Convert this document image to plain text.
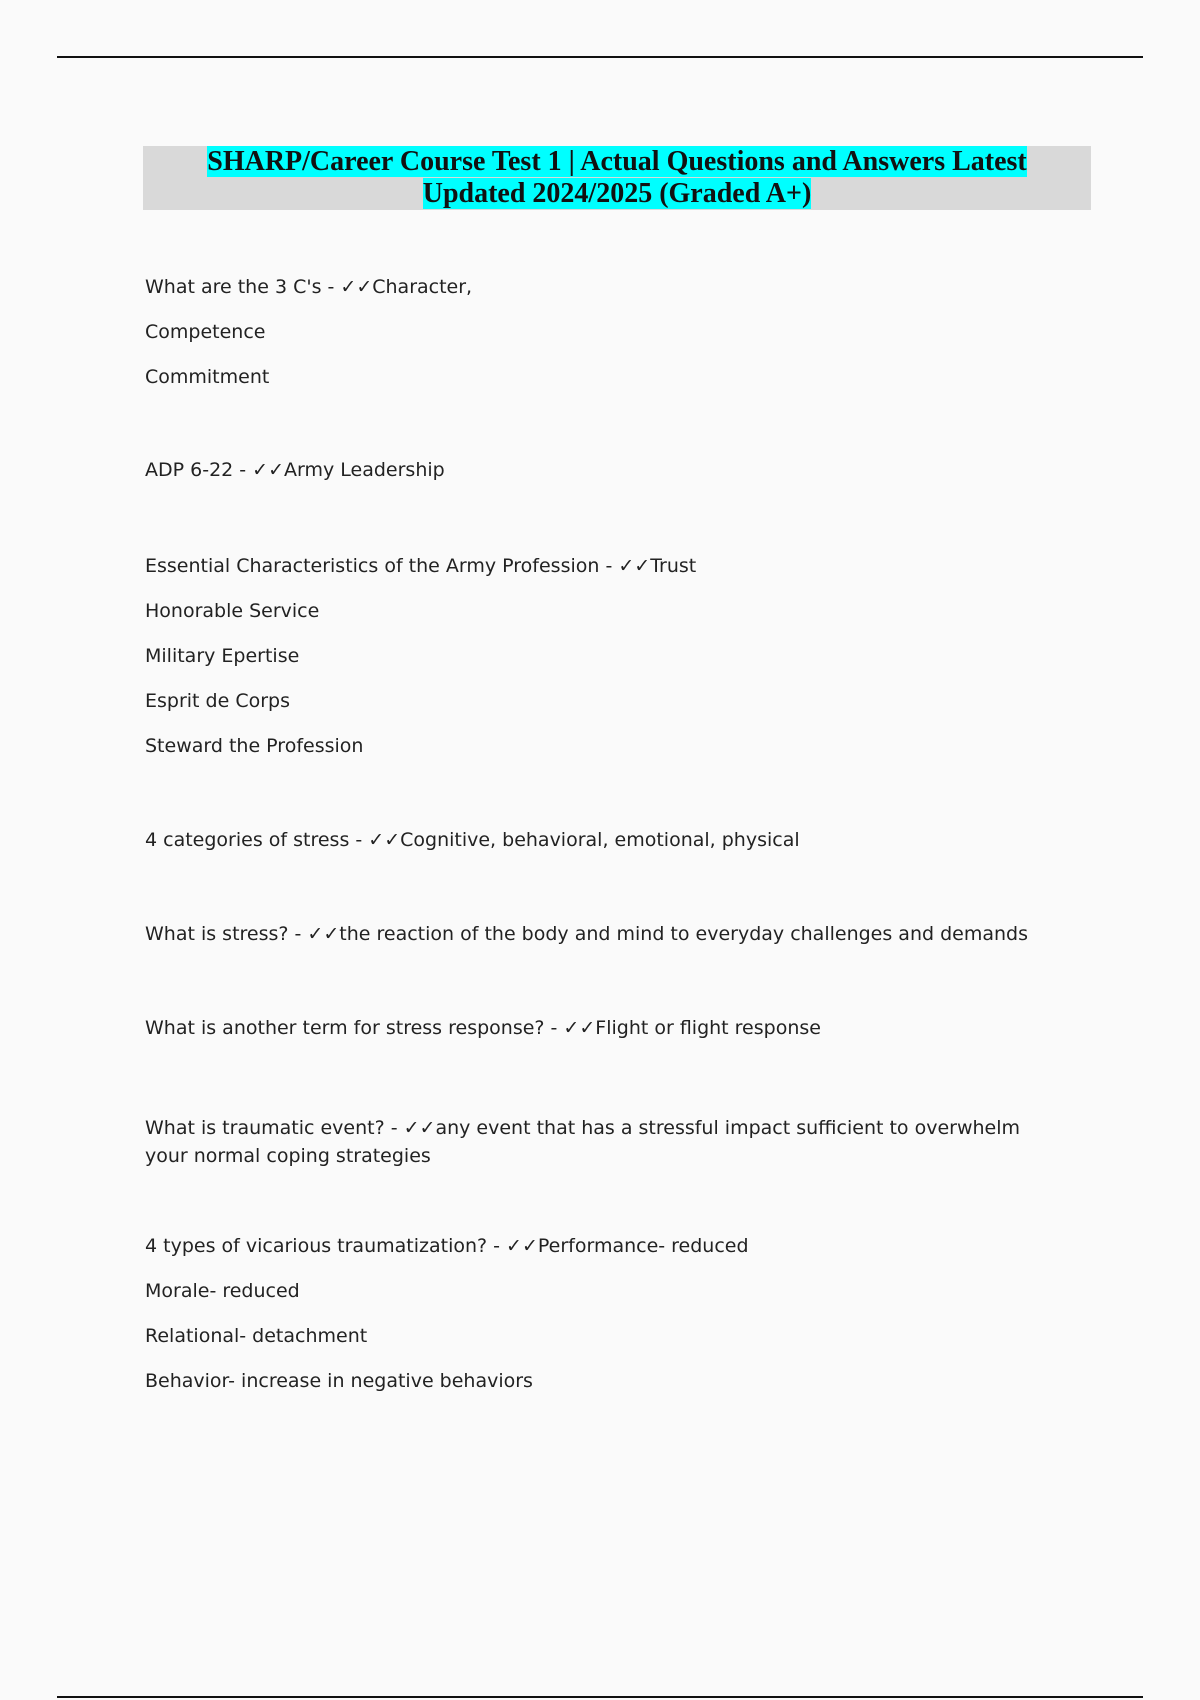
SHARP/Career Course Test 1 | Actual Questions and Answers Latest
Updated 2024/2025 (Graded A+)
What are the 3 C's - ✓✓Character,
Competence
Commitment
ADP 6-22 - ✓✓Army Leadership
Essential Characteristics of the Army Profession - ✓✓Trust
Honorable Service
Military Epertise
Esprit de Corps
Steward the Profession
4 categories of stress - ✓✓Cognitive, behavioral, emotional, physical
What is stress? - ✓✓the reaction of the body and mind to everyday challenges and demands
What is another term for stress response? - ✓✓Flight or flight response
What is traumatic event? - ✓✓any event that has a stressful impact sufficient to overwhelm your normal coping strategies
4 types of vicarious traumatization? - ✓✓Performance- reduced
Morale- reduced
Relational- detachment
Behavior- increase in negative behaviors
